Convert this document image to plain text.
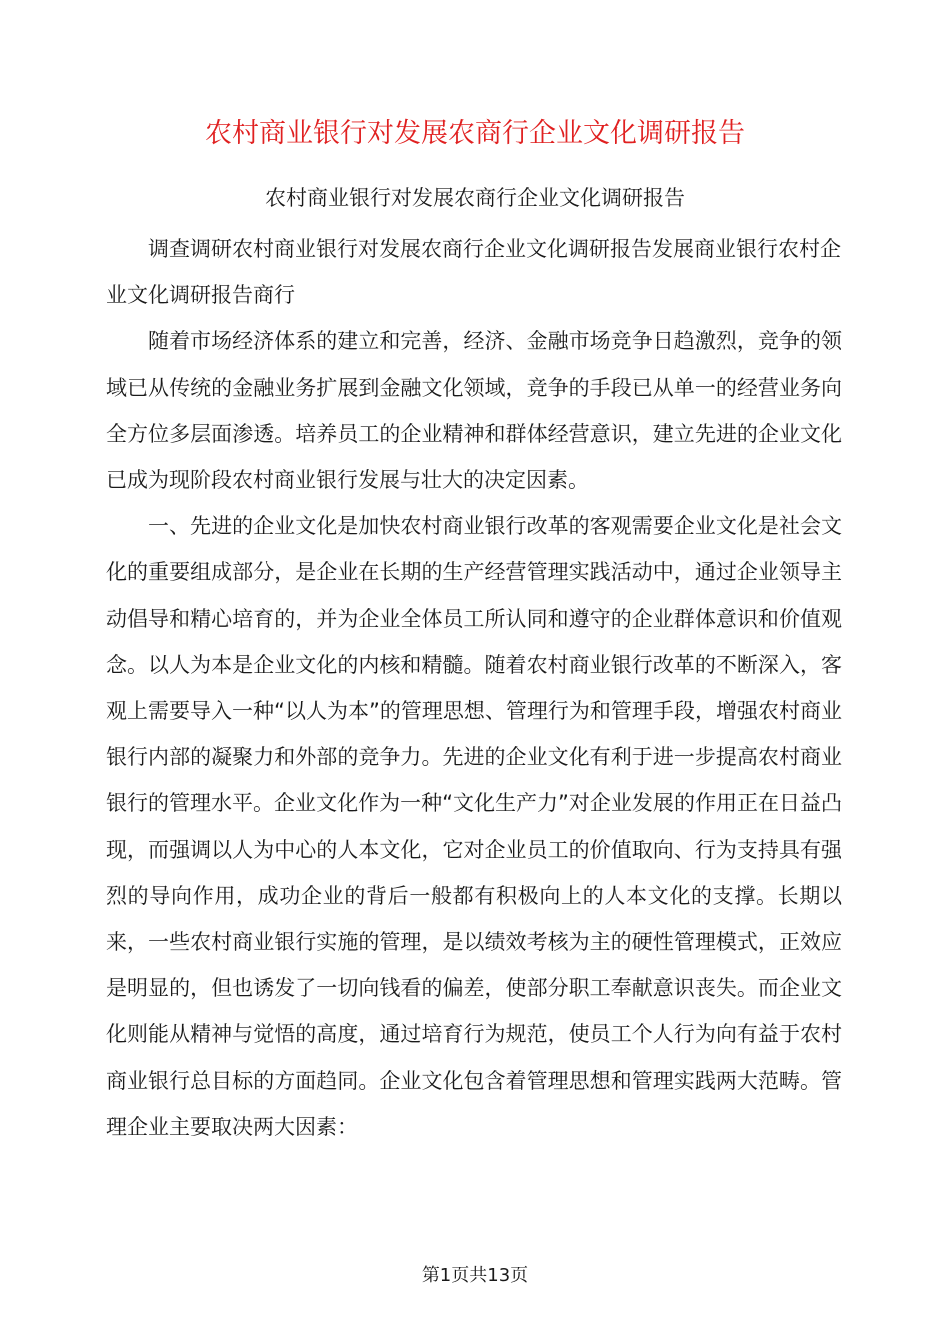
农村商业银行对发展农商行企业文化调研报告
农村商业银行对发展农商行企业文化调研报告

调查调研农村商业银行对发展农商行企业文化调研报告发展商业银行农村企业文化调研报告商行

随着市场经济体系的建立和完善，经济、金融市场竞争日趋激烈，竞争的领域已从传统的金融业务扩展到金融文化领域，竞争的手段已从单一的经营业务向全方位多层面渗透。培养员工的企业精神和群体经营意识，建立先进的企业文化已成为现阶段农村商业银行发展与壮大的决定因素。

一、先进的企业文化是加快农村商业银行改革的客观需要企业文化是社会文化的重要组成部分，是企业在长期的生产经营管理实践活动中，通过企业领导主动倡导和精心培育的，并为企业全体员工所认同和遵守的企业群体意识和价值观念。以人为本是企业文化的内核和精髓。随着农村商业银行改革的不断深入，客观上需要导入一种“以人为本”的管理思想、管理行为和管理手段，增强农村商业银行内部的凝聚力和外部的竞争力。先进的企业文化有利于进一步提高农村商业银行的管理水平。企业文化作为一种“文化生产力”对企业发展的作用正在日益凸现，而强调以人为中心的人本文化，它对企业员工的价值取向、行为支持具有强烈的导向作用，成功企业的背后一般都有积极向上的人本文化的支撑。长期以来，一些农村商业银行实施的管理，是以绩效考核为主的硬性管理模式，正效应是明显的，但也诱发了一切向钱看的偏差，使部分职工奉献意识丧失。而企业文化则能从精神与觉悟的高度，通过培育行为规范，使员工个人行为向有益于农村商业银行总目标的方面趋同。企业文化包含着管理思想和管理实践两大范畴。管理企业主要取决两大因素：

第1页共13页
